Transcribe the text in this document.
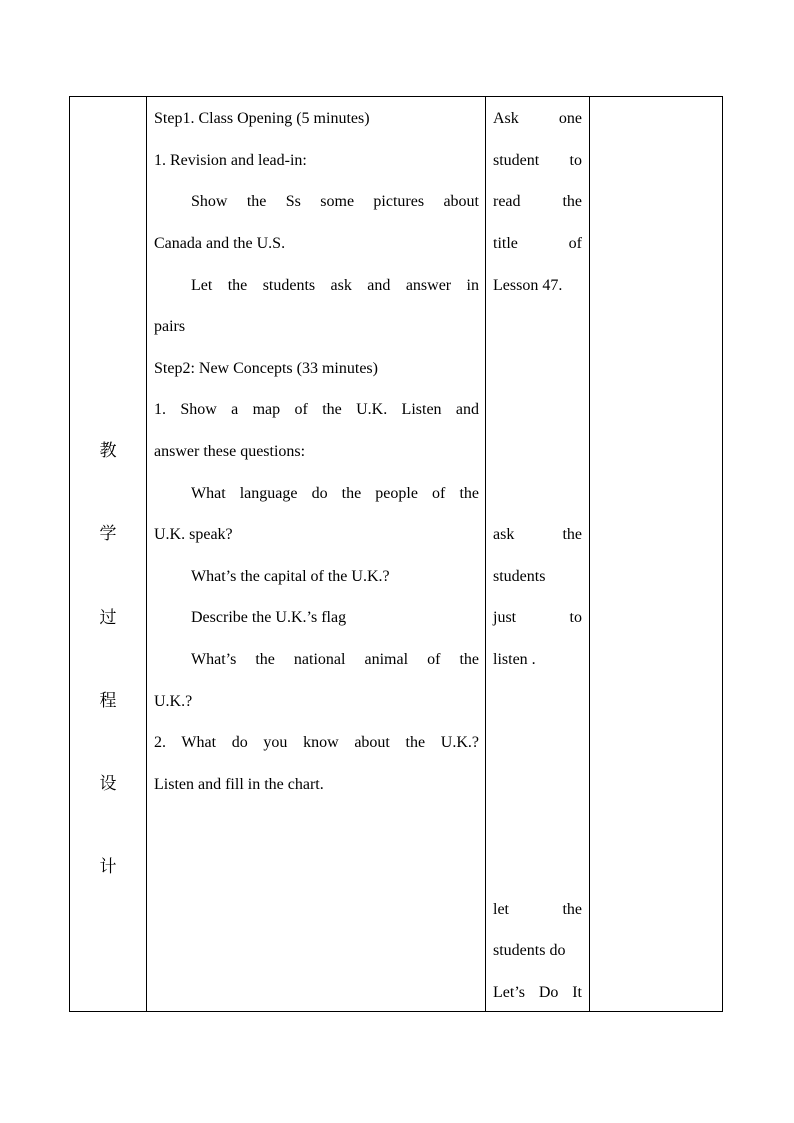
教
学
过
程
设
计
Step1. Class Opening (5 minutes)
1. Revision and lead-in:
Show the Ss some pictures about
Canada and the U.S.
Let the students ask and answer in
pairs
Step2: New Concepts (33 minutes)
1. Show a map of the U.K. Listen and
answer these questions:
What language do the people of the
U.K. speak?
What’s the capital of the U.K.?
Describe the U.K.’s flag
What’s the national animal of the
U.K.?
2. What do you know about the U.K.?
Listen and fill in the chart.
Ask one
student to
read the
title of
Lesson 47.
ask the
students
just to
listen .
let the
students do
Let’s Do It
